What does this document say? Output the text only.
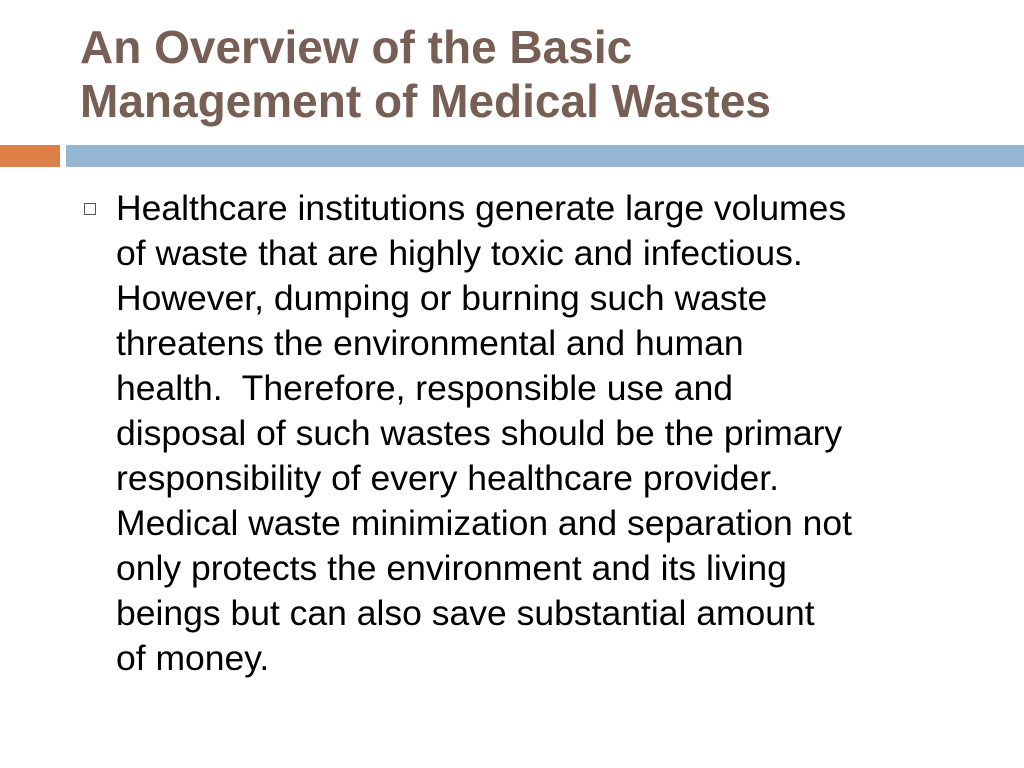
An Overview of the Basic
Management of Medical Wastes

Healthcare institutions generate large volumes
of waste that are highly toxic and infectious.
However, dumping or burning such waste
threatens the environmental and human
health.  Therefore, responsible use and
disposal of such wastes should be the primary
responsibility of every healthcare provider.
Medical waste minimization and separation not
only protects the environment and its living
beings but can also save substantial amount
of money.
